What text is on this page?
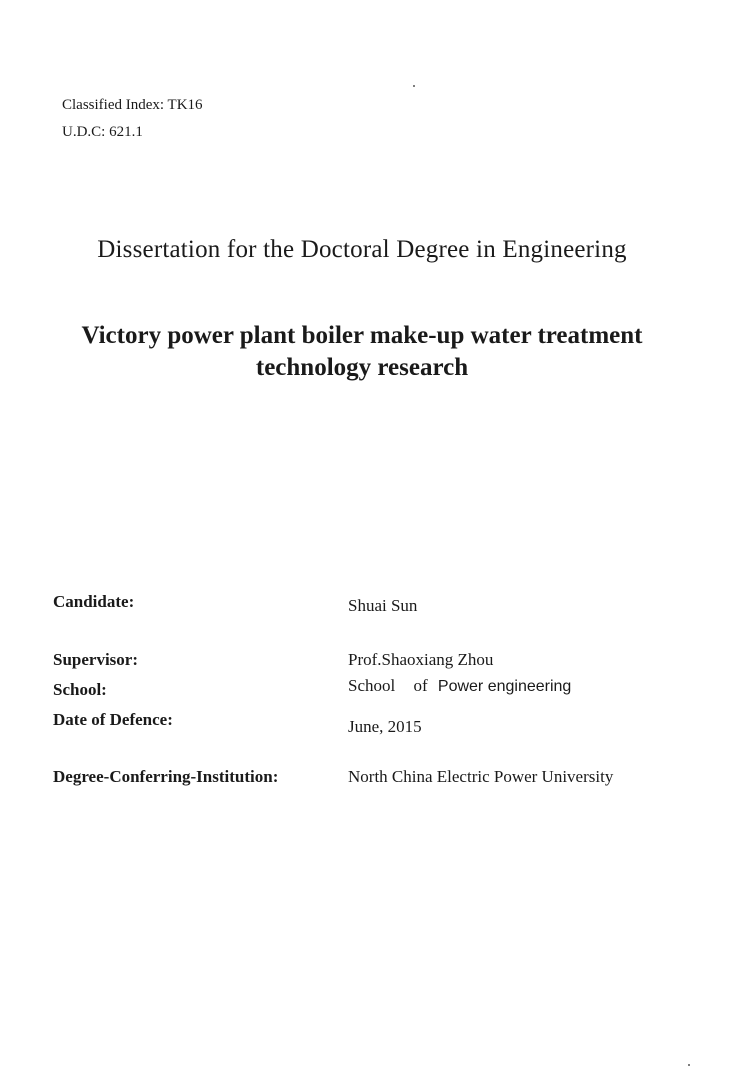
Classified Index: TK16
U.D.C: 621.1
Dissertation for the Doctoral Degree in Engineering
Victory power plant boiler make-up water treatment
technology research
Candidate:	Shuai Sun
Supervisor:	Prof.Shaoxiang Zhou
School:	School of Power engineering
Date of Defence:	June, 2015
Degree-Conferring-Institution:	North China Electric Power University
